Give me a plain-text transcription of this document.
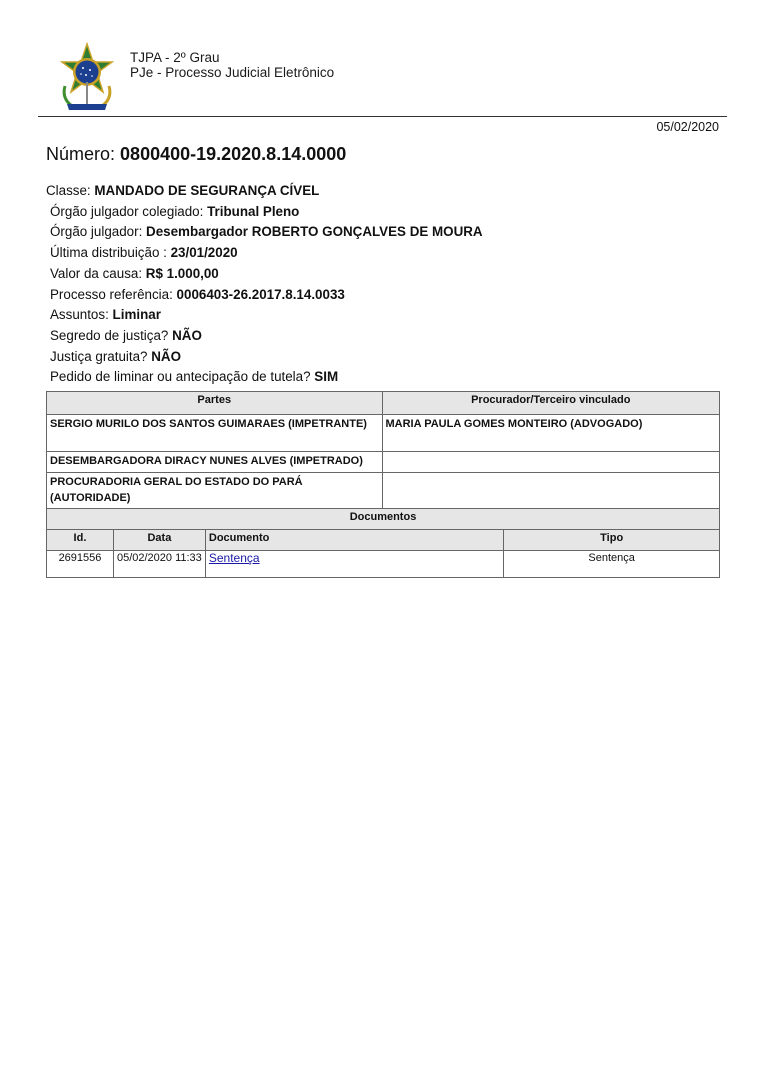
TJPA - 2º Grau
PJe - Processo Judicial Eletrônico
05/02/2020
Número: 0800400-19.2020.8.14.0000
Classe: MANDADO DE SEGURANÇA CÍVEL
Órgão julgador colegiado: Tribunal Pleno
Órgão julgador: Desembargador ROBERTO GONÇALVES DE MOURA
Última distribuição : 23/01/2020
Valor da causa: R$ 1.000,00
Processo referência: 0006403-26.2017.8.14.0033
Assuntos: Liminar
Segredo de justiça? NÃO
Justiça gratuita? NÃO
Pedido de liminar ou antecipação de tutela? SIM
Partes	Procurador/Terceiro vinculado
SERGIO MURILO DOS SANTOS GUIMARAES (IMPETRANTE)	MARIA PAULA GOMES MONTEIRO (ADVOGADO)
DESEMBARGADORA DIRACY NUNES ALVES (IMPETRADO)	
PROCURADORIA GERAL DO ESTADO DO PARÁ (AUTORIDADE)	
Documentos			
Id.	Data	Documento	Tipo
2691556	05/02/2020 11:33	Sentença	Sentença
